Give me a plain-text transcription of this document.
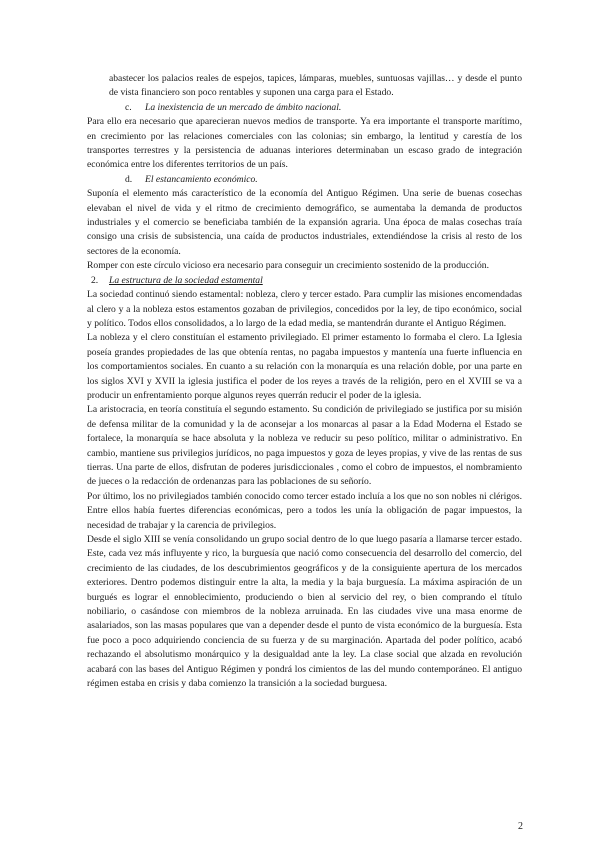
abastecer los palacios reales de espejos, tapices, lámparas, muebles, suntuosas vajillas… y desde el punto de vista financiero son poco rentables y suponen una carga para el Estado.

c. La inexistencia de un mercado de ámbito nacional.

Para ello era necesario que aparecieran nuevos medios de transporte. Ya era importante el transporte marítimo, en crecimiento por las relaciones comerciales con las colonias; sin embargo, la lentitud y carestía de los transportes terrestres y la persistencia de aduanas interiores determinaban un escaso grado de integración económica entre los diferentes territorios de un país.

d. El estancamiento económico.

Suponía el elemento más característico de la economía del Antiguo Régimen. Una serie de buenas cosechas elevaban el nivel de vida y el ritmo de crecimiento demográfico, se aumentaba la demanda de productos industriales y el comercio se beneficiaba también de la expansión agraria. Una época de malas cosechas traía consigo una crisis de subsistencia, una caída de productos industriales, extendiéndose la crisis al resto de los sectores de la economía.

Romper con este círculo vicioso era necesario para conseguir un crecimiento sostenido de la producción.

2. La estructura de la sociedad estamental

La sociedad continuó siendo estamental: nobleza, clero y tercer estado. Para cumplir las misiones encomendadas al clero y a la nobleza estos estamentos gozaban de privilegios, concedidos por la ley, de tipo económico, social y político. Todos ellos consolidados, a lo largo de la edad media, se mantendrán durante el Antiguo Régimen.

La nobleza y el clero constituían el estamento privilegiado. El primer estamento lo formaba el clero. La Iglesia poseía grandes propiedades de las que obtenía rentas, no pagaba impuestos y mantenía una fuerte influencia en los comportamientos sociales. En cuanto a su relación con la monarquía es una relación doble, por una parte en los siglos XVI y XVII la iglesia justifica el poder de los reyes a través de la religión, pero en el XVIII se va a producir un enfrentamiento porque algunos reyes querrán reducir el poder de la iglesia.

La aristocracia, en teoría constituía el segundo estamento. Su condición de privilegiado se justifica por su misión de defensa militar de la comunidad y la de aconsejar a los monarcas al pasar a la Edad Moderna el Estado se fortalece, la monarquía se hace absoluta y la nobleza ve reducir su peso político, militar o administrativo. En cambio, mantiene sus privilegios jurídicos, no paga impuestos y goza de leyes propias, y vive de las rentas de sus tierras. Una parte de ellos, disfrutan de poderes jurisdiccionales , como el cobro de impuestos, el nombramiento de jueces o la redacción de ordenanzas para las poblaciones de su señorío.

Por último, los no privilegiados también conocido como tercer estado incluía a los que no son nobles ni clérigos. Entre ellos había fuertes diferencias económicas, pero a todos les unía la obligación de pagar impuestos, la necesidad de trabajar y la carencia de privilegios.

Desde el siglo XIII se venía consolidando un grupo social dentro de lo que luego pasaría a llamarse tercer estado. Este, cada vez más influyente y rico, la burguesía que nació como consecuencia del desarrollo del comercio, del crecimiento de las ciudades, de los descubrimientos geográficos y de la consiguiente apertura de los mercados exteriores. Dentro podemos distinguir entre la alta, la media y la baja burguesía. La máxima aspiración de un burgués es lograr el ennoblecimiento, produciendo o bien al servicio del rey, o bien comprando el título nobiliario, o casándose con miembros de la nobleza arruinada. En las ciudades vive una masa enorme de asalariados, son las masas populares que van a depender desde el punto de vista económico de la burguesía. Esta fue poco a poco adquiriendo conciencia de su fuerza y de su marginación. Apartada del poder político, acabó rechazando el absolutismo monárquico y la desigualdad ante la ley. La clase social que alzada en revolución acabará con las bases del Antiguo Régimen y pondrá los cimientos de las del mundo contemporáneo. El antiguo régimen estaba en crisis y daba comienzo la transición a la sociedad burguesa.

2
